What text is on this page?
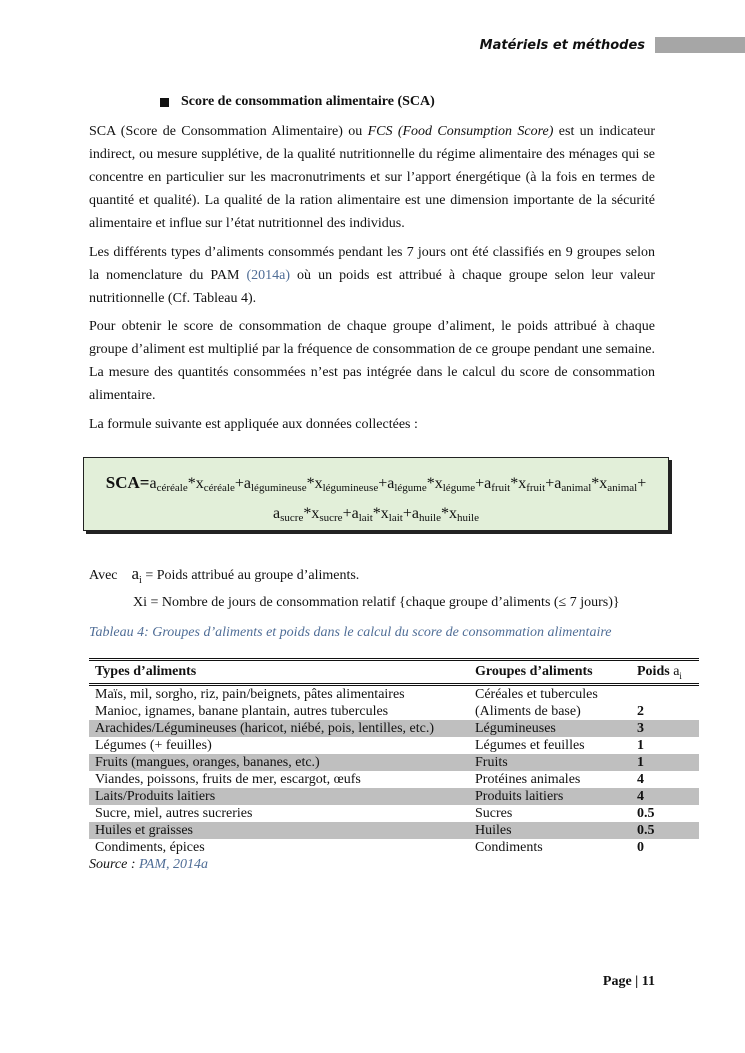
Matériels et méthodes
Score de consommation alimentaire (SCA)

SCA (Score de Consommation Alimentaire) ou FCS (Food Consumption Score) est un indicateur indirect, ou mesure supplétive, de la qualité nutritionnelle du régime alimentaire des ménages qui se concentre en particulier sur les macronutriments et sur l’apport énergétique (à la fois en termes de quantité et qualité). La qualité de la ration alimentaire est une dimension importante de la sécurité alimentaire et influe sur l’état nutritionnel des individus.

Les différents types d’aliments consommés pendant les 7 jours ont été classifiés en 9 groupes selon la nomenclature du PAM (2014a) où un poids est attribué à chaque groupe selon leur valeur nutritionnelle (Cf. Tableau 4).

Pour obtenir le score de consommation de chaque groupe d’aliment, le poids attribué à chaque groupe d’aliment est multiplié par la fréquence de consommation de ce groupe pendant une semaine. La mesure des quantités consommées n’est pas intégrée dans le calcul du score de consommation alimentaire.

La formule suivante est appliquée aux données collectées :

$SCA=a_{céréale}*x_{céréale}+a_{légumineuse}*x_{légumineuse}+a_{légume}*x_{légume}+a_{fruit}*x_{fruit}+a_{animal}*x_{animal}+$
$a_{sucre}*x_{sucre}+a_{lait}*x_{lait}+a_{huile}*x_{huile}$
Avec $a_i$ = Poids attribué au groupe d’aliments.
Xi = Nombre de jours de consommation relatif {chaque groupe d’aliments (≤ 7 jours)}
Tableau 4: Groupes d’aliments et poids dans le calcul du score de consommation alimentaire
Types d’aliments	Groupes d’aliments	Poids $a_i$
Maïs, mil, sorgho, riz, pain/beignets, pâtes alimentaires	Céréales et tubercules	
Manioc, ignames, banane plantain, autres tubercules	(Aliments de base)	2
Arachides/Légumineuses (haricot, niébé, pois, lentilles, etc.)	Légumineuses	3
Légumes (+ feuilles)	Légumes et feuilles	1
Fruits (mangues, oranges, bananes, etc.)	Fruits	1
Viandes, poissons, fruits de mer, escargot, œufs	Protéines animales	4
Laits/Produits laitiers	Produits laitiers	4
Sucre, miel, autres sucreries	Sucres	0.5
Huiles et graisses	Huiles	0.5
Condiments, épices	Condiments	0
Source : PAM, 2014a
Page | 11
